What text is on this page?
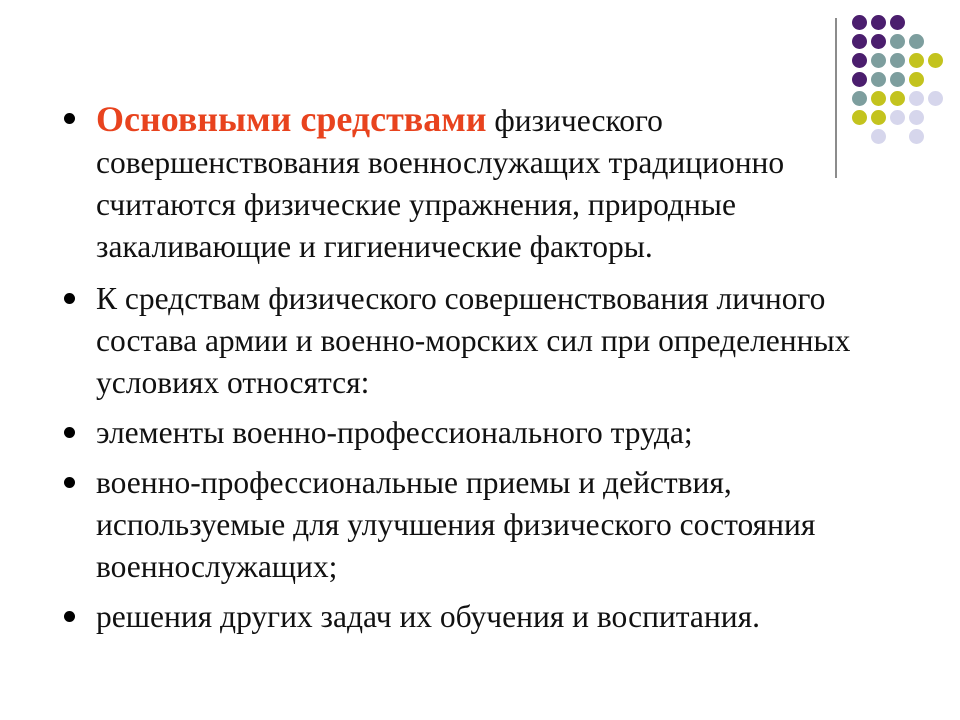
Основными средствами физического совершенствования военнослужащих традиционно считаются физические упражнения, природные закаливающие и гигиенические факторы.
К средствам физического совершенствования личного состава армии и военно-морских сил при определенных условиях относятся:
элементы военно-профессионального труда;
военно-профессиональные приемы и действия, используемые для улучшения физического состояния военнослужащих;
решения других задач их обучения и воспитания.
